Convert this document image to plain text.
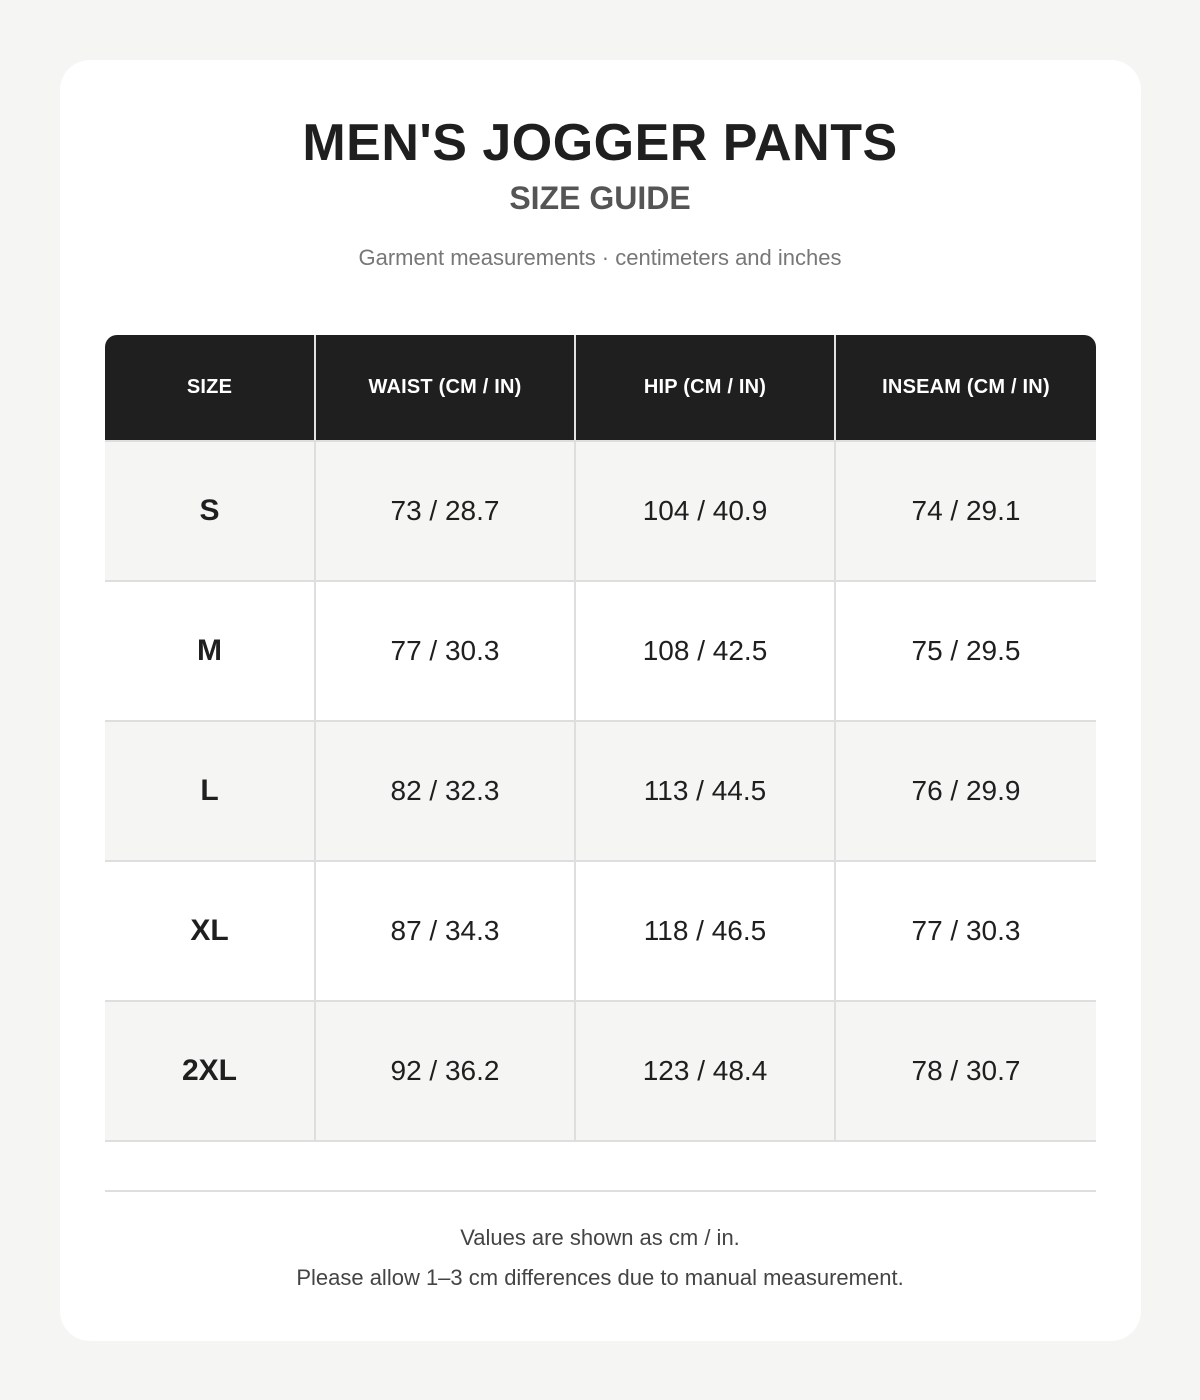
MEN'S JOGGER PANTS
SIZE GUIDE
Garment measurements · centimeters and inches
SIZE	WAIST (CM / IN)	HIP (CM / IN)	INSEAM (CM / IN)
S	73 / 28.7	104 / 40.9	74 / 29.1
M	77 / 30.3	108 / 42.5	75 / 29.5
L	82 / 32.3	113 / 44.5	76 / 29.9
XL	87 / 34.3	118 / 46.5	77 / 30.3
2XL	92 / 36.2	123 / 48.4	78 / 30.7
Values are shown as cm / in.
Please allow 1–3 cm differences due to manual measurement.
